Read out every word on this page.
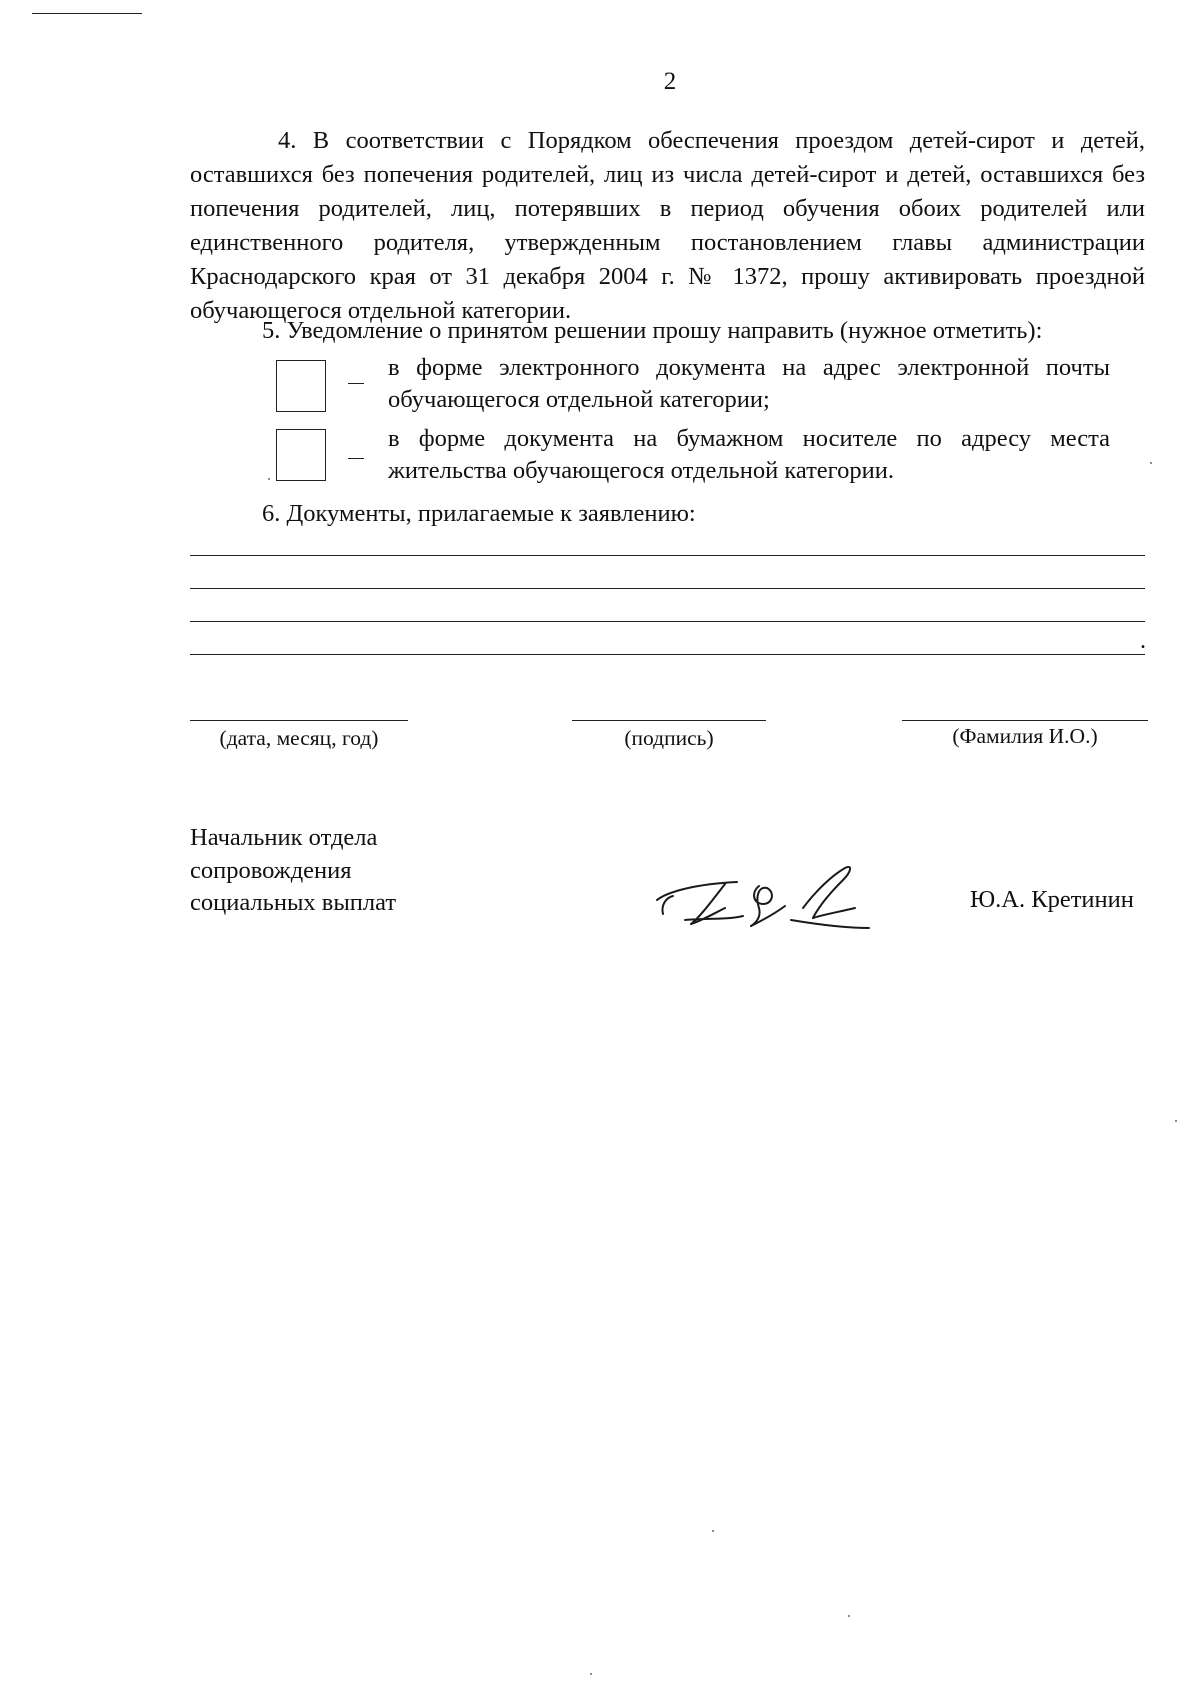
2
4. В соответствии с Порядком обеспечения проездом детей-сирот и детей, оставшихся без попечения родителей, лиц из числа детей-сирот и детей, оставшихся без попечения родителей, лиц, потерявших в период обучения обоих родителей или единственного родителя, утвержденным постановлением главы администрации Краснодарского края от 31 декабря 2004 г. № 1372, прошу активировать проездной обучающегося отдельной категории.
5. Уведомление о принятом решении прошу направить (нужное отметить):
в форме электронного документа на адрес электронной почты обучающегося отдельной категории;
в форме документа на бумажном носителе по адресу места жительства обучающегося отдельной категории.
6. Документы, прилагаемые к заявлению:
.
(дата, месяц, год)	(подпись)	(Фамилия И.О.)
Начальник отдела
сопровождения
социальных выплат	Ю.А. Кретинин
